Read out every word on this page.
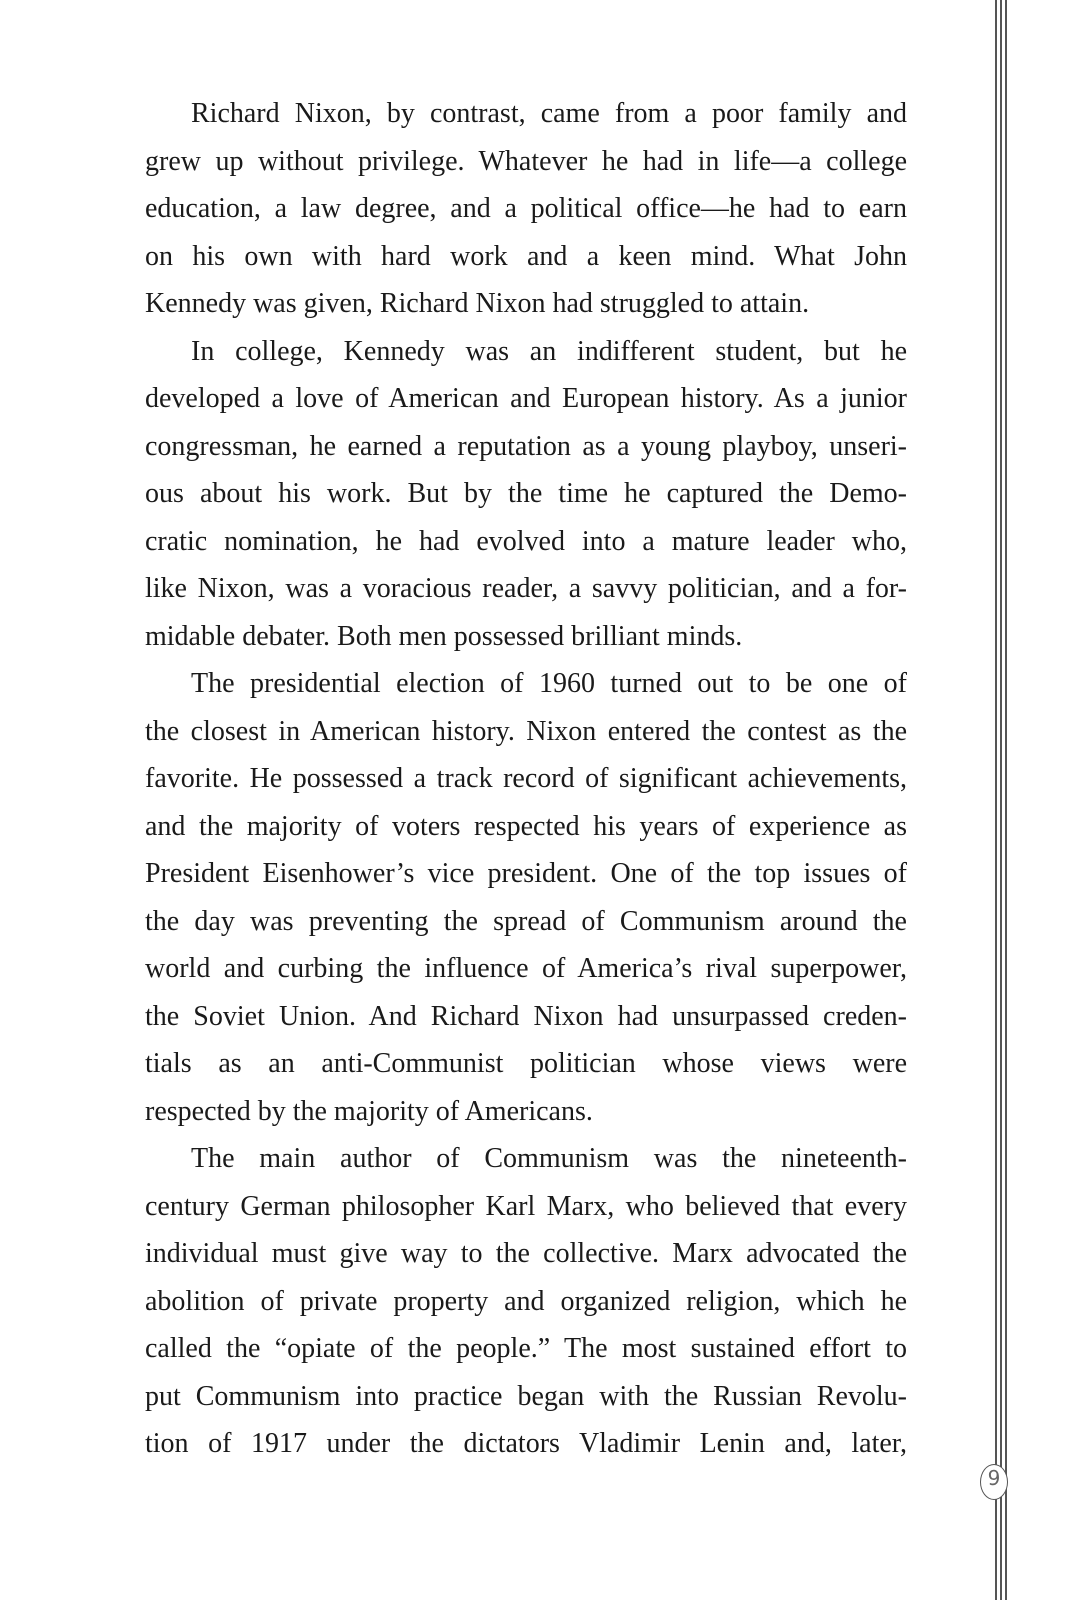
Richard Nixon, by contrast, came from a poor family and
grew up without privilege. Whatever he had in life—a college
education, a law degree, and a political office—he had to earn
on his own with hard work and a keen mind. What John
Kennedy was given, Richard Nixon had struggled to attain.

In college, Kennedy was an indifferent student, but he
developed a love of American and European history. As a junior
congressman, he earned a reputation as a young playboy, unseri-
ous about his work. But by the time he captured the Demo-
cratic nomination, he had evolved into a mature leader who,
like Nixon, was a voracious reader, a savvy politician, and a for-
midable debater. Both men possessed brilliant minds.

The presidential election of 1960 turned out to be one of
the closest in American history. Nixon entered the contest as the
favorite. He possessed a track record of significant achievements,
and the majority of voters respected his years of experience as
President Eisenhower’s vice president. One of the top issues of
the day was preventing the spread of Communism around the
world and curbing the influence of America’s rival superpower,
the Soviet Union. And Richard Nixon had unsurpassed creden-
tials as an anti-Communist politician whose views were
respected by the majority of Americans.

The main author of Communism was the nineteenth-
century German philosopher Karl Marx, who believed that every
individual must give way to the collective. Marx advocated the
abolition of private property and organized religion, which he
called the “opiate of the people.” The most sustained effort to
put Communism into practice began with the Russian Revolu-
tion of 1917 under the dictators Vladimir Lenin and, later,

9
